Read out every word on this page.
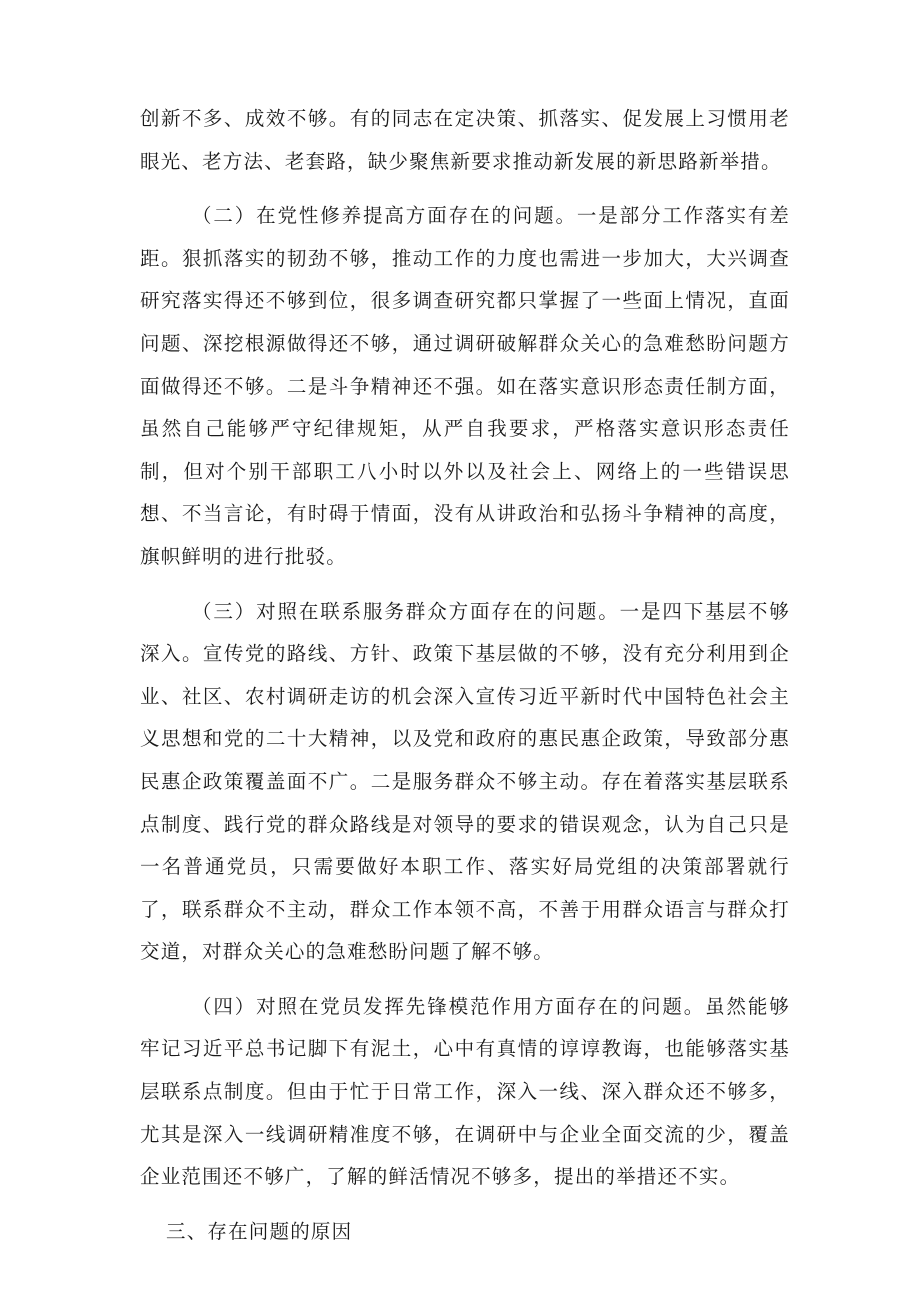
创新不多、成效不够。有的同志在定决策、抓落实、促发展上习惯用老眼光、老方法、老套路，缺少聚焦新要求推动新发展的新思路新举措。

（二）在党性修养提高方面存在的问题。一是部分工作落实有差距。狠抓落实的韧劲不够，推动工作的力度也需进一步加大，大兴调查研究落实得还不够到位，很多调查研究都只掌握了一些面上情况，直面问题、深挖根源做得还不够，通过调研破解群众关心的急难愁盼问题方面做得还不够。二是斗争精神还不强。如在落实意识形态责任制方面，虽然自己能够严守纪律规矩，从严自我要求，严格落实意识形态责任制，但对个别干部职工八小时以外以及社会上、网络上的一些错误思想、不当言论，有时碍于情面，没有从讲政治和弘扬斗争精神的高度，旗帜鲜明的进行批驳。

（三）对照在联系服务群众方面存在的问题。一是四下基层不够深入。宣传党的路线、方针、政策下基层做的不够，没有充分利用到企业、社区、农村调研走访的机会深入宣传习近平新时代中国特色社会主义思想和党的二十大精神，以及党和政府的惠民惠企政策，导致部分惠民惠企政策覆盖面不广。二是服务群众不够主动。存在着落实基层联系点制度、践行党的群众路线是对领导的要求的错误观念，认为自己只是一名普通党员，只需要做好本职工作、落实好局党组的决策部署就行了，联系群众不主动，群众工作本领不高，不善于用群众语言与群众打交道，对群众关心的急难愁盼问题了解不够。

（四）对照在党员发挥先锋模范作用方面存在的问题。虽然能够牢记习近平总书记脚下有泥土，心中有真情的谆谆教诲，也能够落实基层联系点制度。但由于忙于日常工作，深入一线、深入群众还不够多，尤其是深入一线调研精准度不够，在调研中与企业全面交流的少，覆盖企业范围还不够广，了解的鲜活情况不够多，提出的举措还不实。

三、存在问题的原因
